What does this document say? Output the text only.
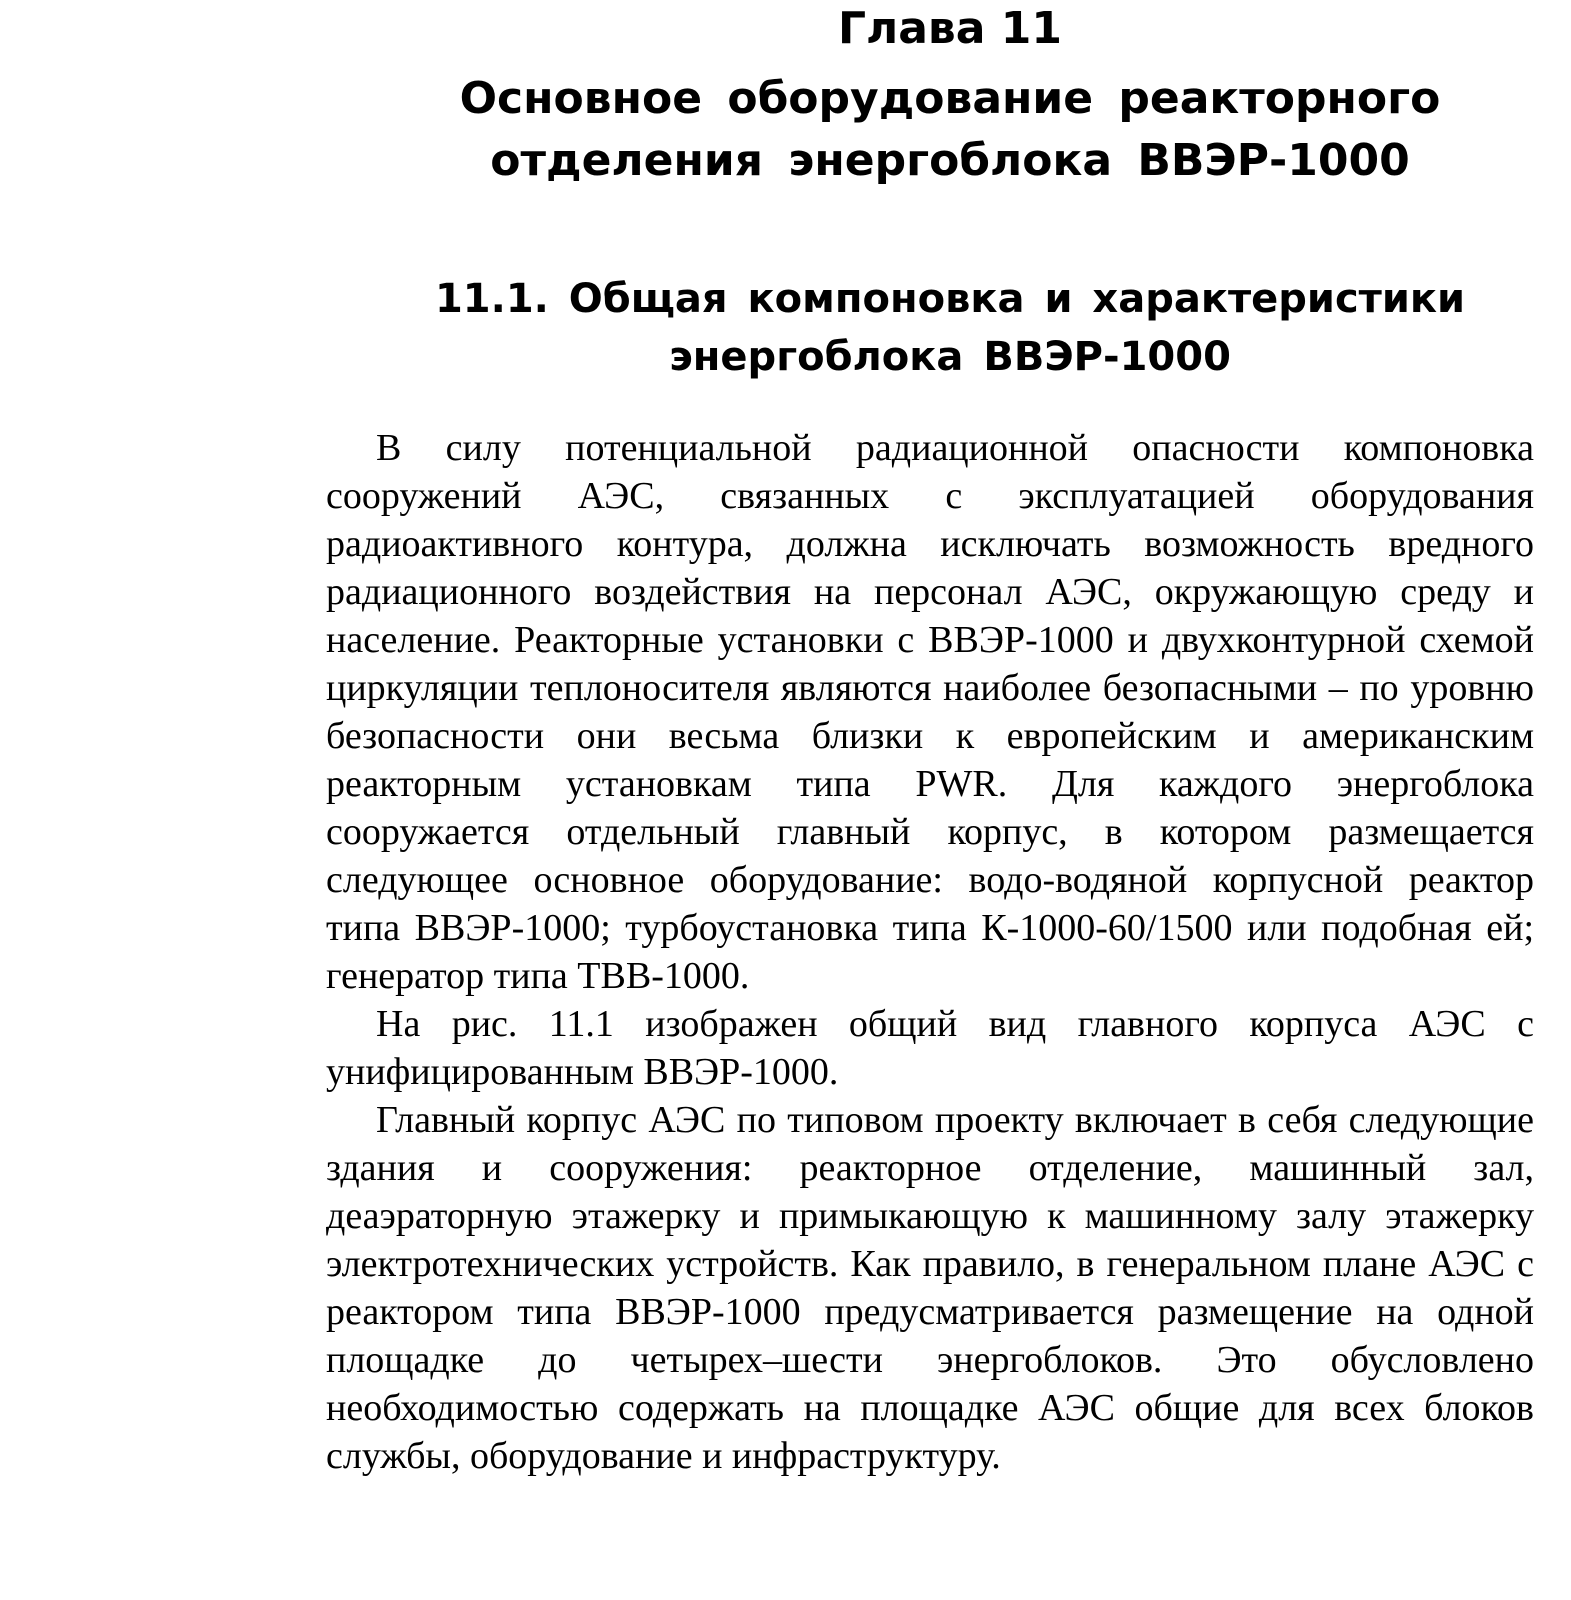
Глава 11
Основное оборудование реакторного отделения энергоблока ВВЭР-1000
11.1. Общая компоновка и характеристики энергоблока ВВЭР-1000

В силу потенциальной радиационной опасности компоновка сооружений АЭС, связанных с эксплуатацией оборудования радиоактивного контура, должна исключать возможность вредного радиационного воздействия на персонал АЭС, окружающую среду и население. Реакторные установки с ВВЭР-1000 и двухконтурной схемой циркуляции теплоносителя являются наиболее безопасными – по уровню безопасности они весьма близки к европейским и американским реакторным установкам типа PWR. Для каждого энергоблока сооружается отдельный главный корпус, в котором размещается следующее основное оборудование: водо-водяной корпусной реактор типа ВВЭР-1000; турбоустановка типа К-1000-60/1500 или подобная ей; генератор типа ТВВ-1000.

На рис. 11.1 изображен общий вид главного корпуса АЭС с унифицированным ВВЭР-1000.

Главный корпус АЭС по типовом проекту включает в себя следующие здания и сооружения: реакторное отделение, машинный зал, деаэраторную этажерку и примыкающую к машинному залу этажерку электротехнических устройств. Как правило, в генеральном плане АЭС с реактором типа ВВЭР-1000 предусматривается размещение на одной площадке до четырех–шести энергоблоков. Это обусловлено необходимостью содержать на площадке АЭС общие для всех блоков службы, оборудование и инфраструктуру.
